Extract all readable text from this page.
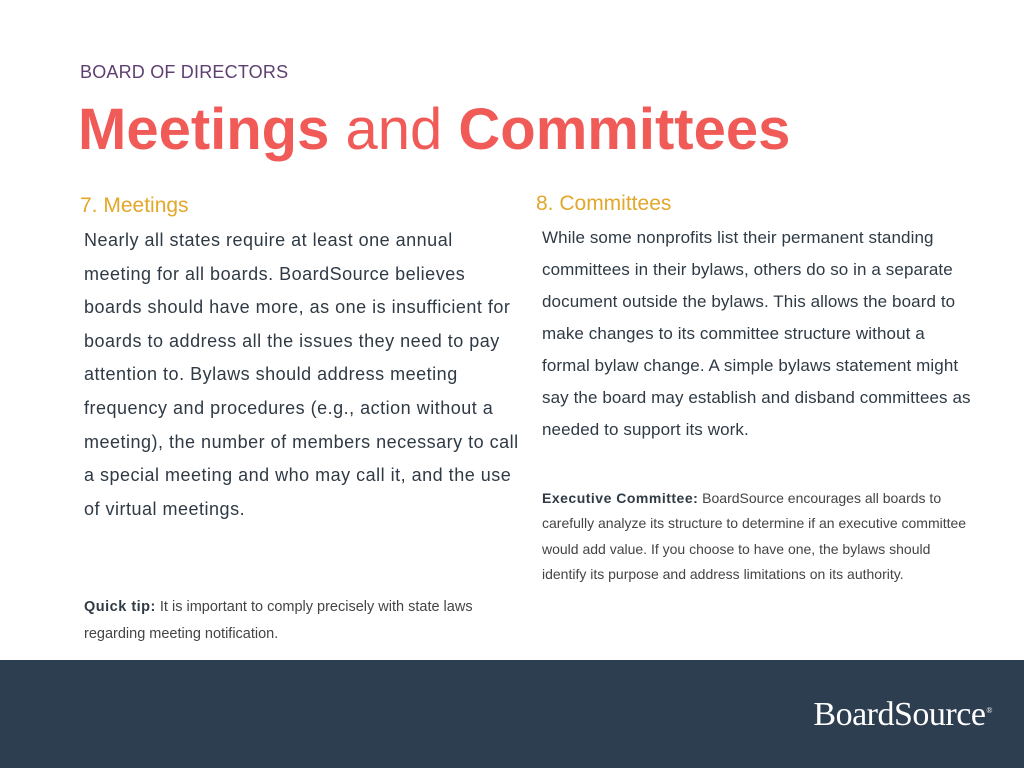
BOARD OF DIRECTORS
Meetings and Committees
7. Meetings

Nearly all states require at least one annual meeting for all boards. BoardSource believes boards should have more, as one is insufficient for boards to address all the issues they need to pay attention to. Bylaws should address meeting frequency and procedures (e.g., action without a meeting), the number of members necessary to call a special meeting and who may call it, and the use of virtual meetings.

Quick tip: It is important to comply precisely with state laws regarding meeting notification.
8. Committees

While some nonprofits list their permanent standing committees in their bylaws, others do so in a separate document outside the bylaws. This allows the board to make changes to its committee structure without a formal bylaw change. A simple bylaws statement might say the board may establish and disband committees as needed to support its work.

Executive Committee: BoardSource encourages all boards to carefully analyze its structure to determine if an executive committee would add value. If you choose to have one, the bylaws should identify its purpose and address limitations on its authority.
BoardSource®
